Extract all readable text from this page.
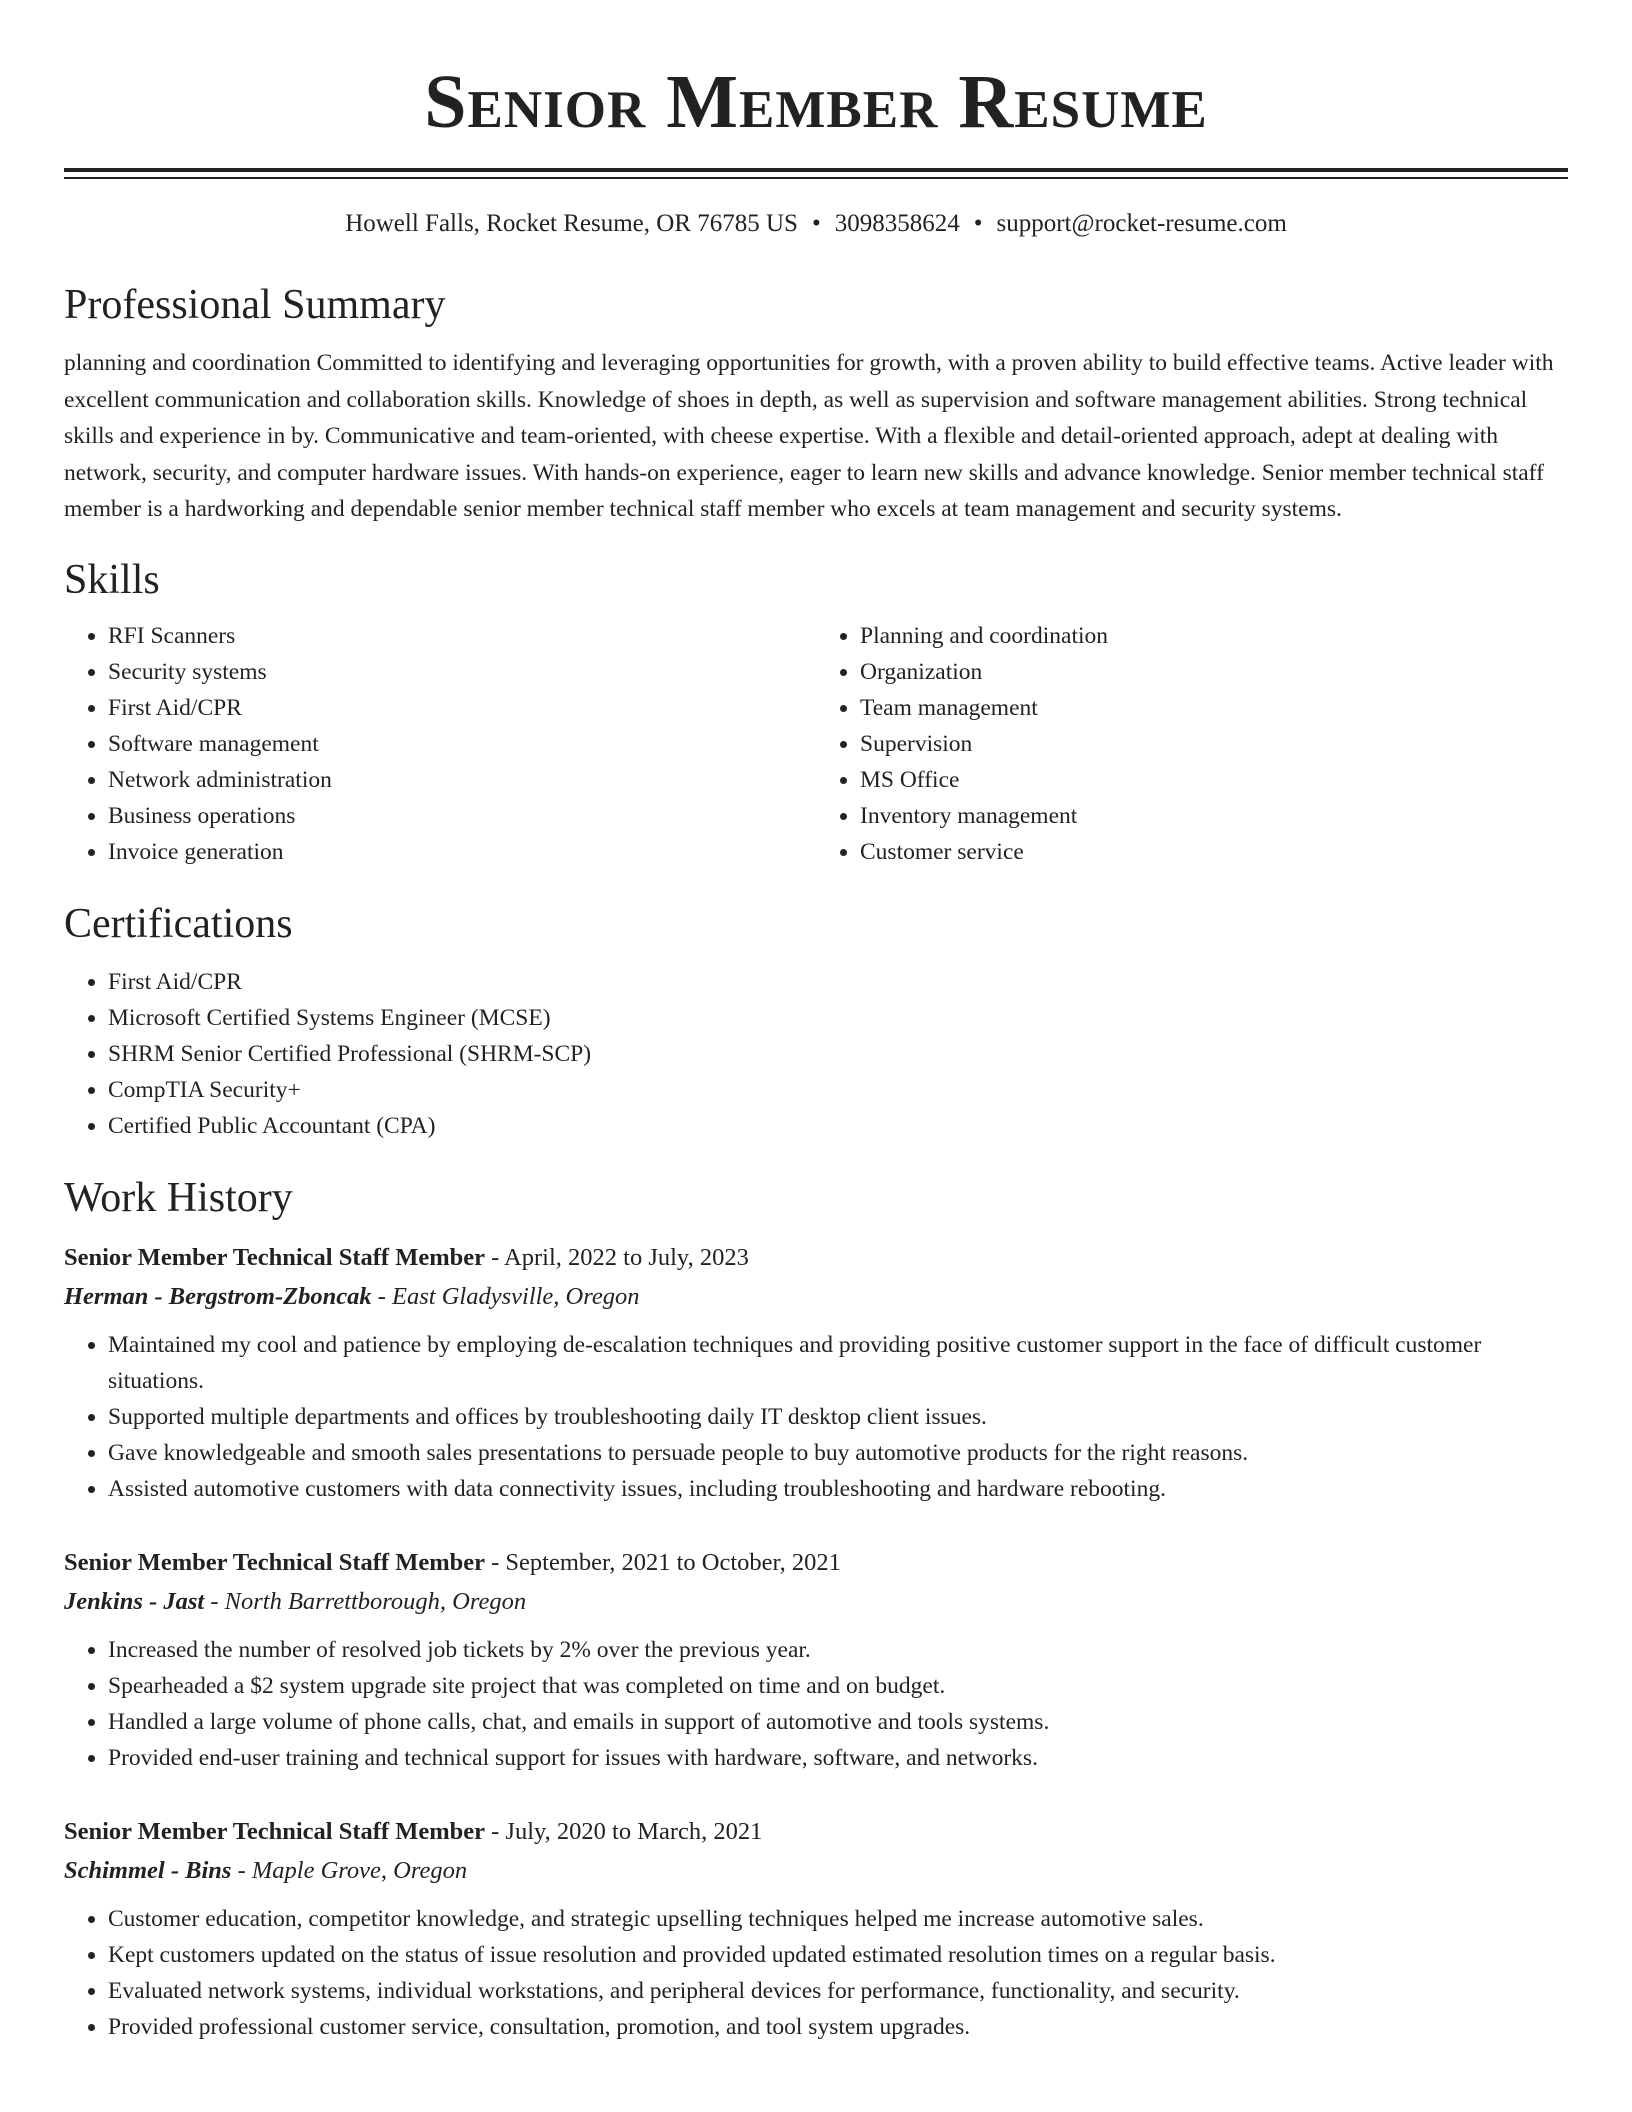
Senior Member Resume
Howell Falls, Rocket Resume, OR 76785 US • 3098358624 • support@rocket-resume.com
Professional Summary

planning and coordination Committed to identifying and leveraging opportunities for growth, with a proven ability to build effective teams. Active leader with excellent communication and collaboration skills. Knowledge of shoes in depth, as well as supervision and software management abilities. Strong technical skills and experience in by. Communicative and team-oriented, with cheese expertise. With a flexible and detail-oriented approach, adept at dealing with network, security, and computer hardware issues. With hands-on experience, eager to learn new skills and advance knowledge. Senior member technical staff member is a hardworking and dependable senior member technical staff member who excels at team management and security systems.

Skills
• RFI Scanners
• Security systems
• First Aid/CPR
• Software management
• Network administration
• Business operations
• Invoice generation
• Planning and coordination
• Organization
• Team management
• Supervision
• MS Office
• Inventory management
• Customer service
Certifications
• First Aid/CPR
• Microsoft Certified Systems Engineer (MCSE)
• SHRM Senior Certified Professional (SHRM-SCP)
• CompTIA Security+
• Certified Public Accountant (CPA)
Work History
Senior Member Technical Staff Member - April, 2022 to July, 2023
Herman - Bergstrom-Zboncak - East Gladysville, Oregon
• Maintained my cool and patience by employing de-escalation techniques and providing positive customer support in the face of difficult customer situations.
• Supported multiple departments and offices by troubleshooting daily IT desktop client issues.
• Gave knowledgeable and smooth sales presentations to persuade people to buy automotive products for the right reasons.
• Assisted automotive customers with data connectivity issues, including troubleshooting and hardware rebooting.
Senior Member Technical Staff Member - September, 2021 to October, 2021
Jenkins - Jast - North Barrettborough, Oregon
• Increased the number of resolved job tickets by 2% over the previous year.
• Spearheaded a $2 system upgrade site project that was completed on time and on budget.
• Handled a large volume of phone calls, chat, and emails in support of automotive and tools systems.
• Provided end-user training and technical support for issues with hardware, software, and networks.
Senior Member Technical Staff Member - July, 2020 to March, 2021
Schimmel - Bins - Maple Grove, Oregon
• Customer education, competitor knowledge, and strategic upselling techniques helped me increase automotive sales.
• Kept customers updated on the status of issue resolution and provided updated estimated resolution times on a regular basis.
• Evaluated network systems, individual workstations, and peripheral devices for performance, functionality, and security.
• Provided professional customer service, consultation, promotion, and tool system upgrades.
